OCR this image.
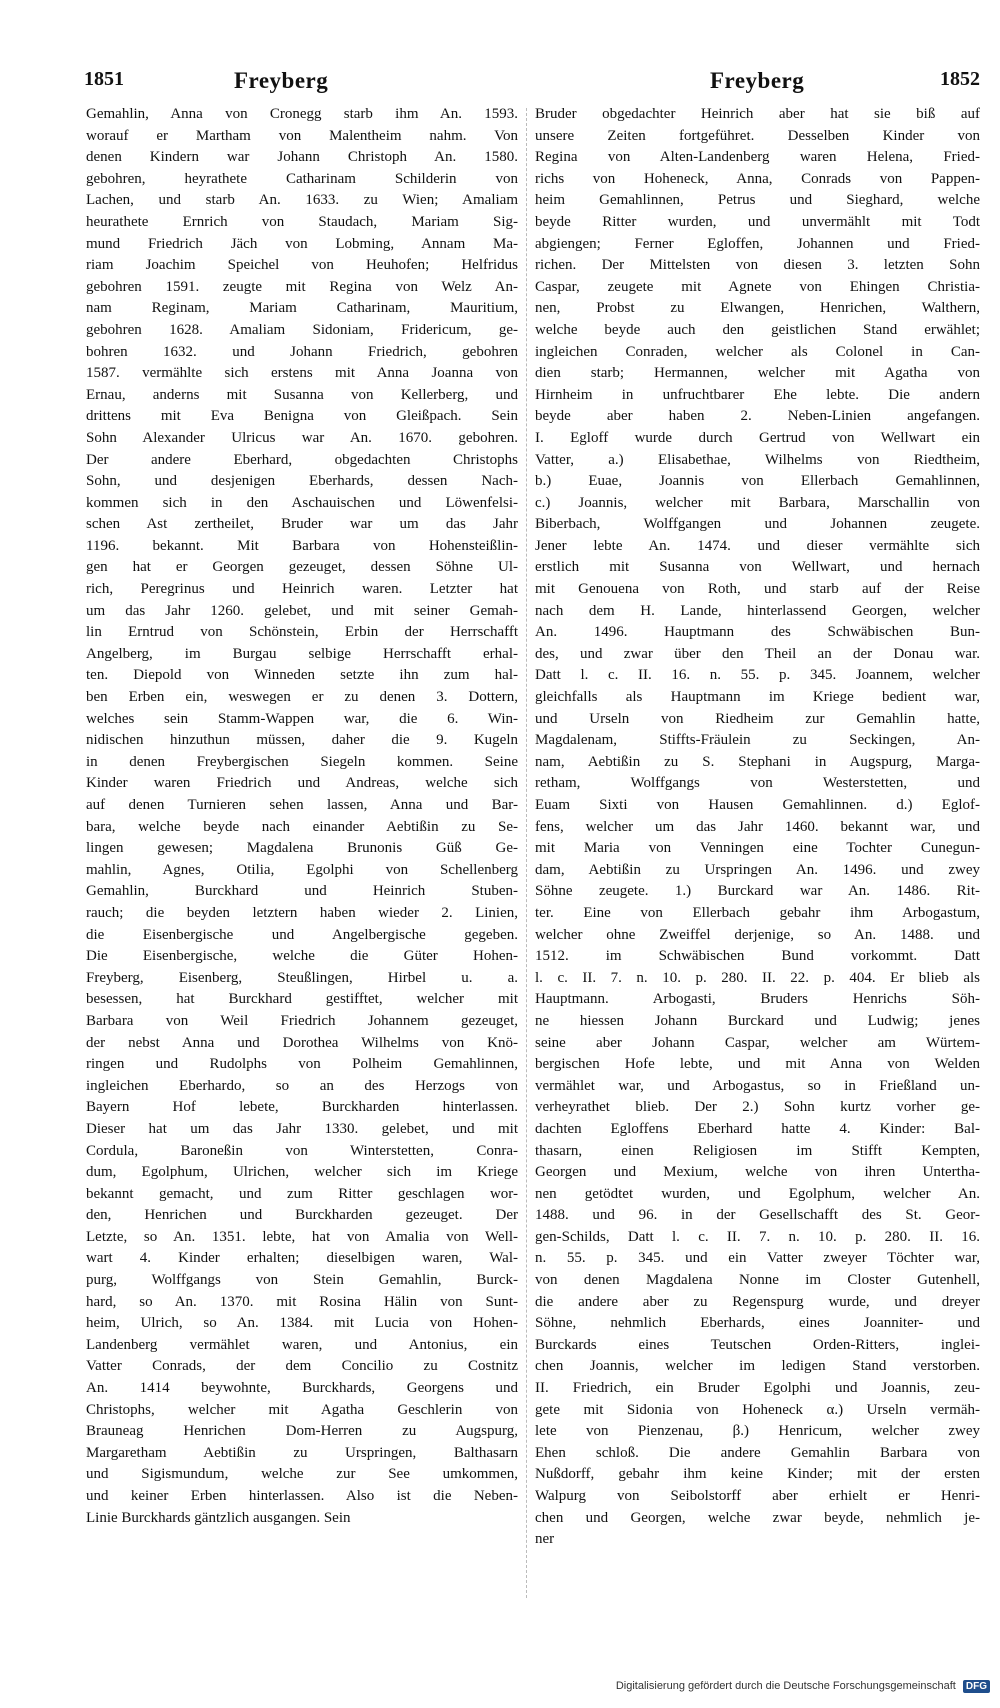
1851	Freyberg	Freyberg	1852
Gemahlin, Anna von Cronegg starb ihm An. 1593.
worauf er Martham von Malentheim nahm. Von
denen Kindern war Johann Christoph An. 1580.
gebohren, heyrathete Catharinam Schilderin von
Lachen, und starb An. 1633. zu Wien; Amaliam
heurathete Ernrich von Staudach, Mariam Sig-
mund Friedrich Jäch von Lobming, Annam Ma-
riam Joachim Speichel von Heuhofen; Helfridus
gebohren 1591. zeugte mit Regina von Welz An-
nam Reginam, Mariam Catharinam, Mauritium,
gebohren 1628. Amaliam Sidoniam, Fridericum, ge-
bohren 1632. und Johann Friedrich, gebohren
1587. vermählte sich erstens mit Anna Joanna von
Ernau, anderns mit Susanna von Kellerberg, und
drittens mit Eva Benigna von Gleißpach. Sein
Sohn Alexander Ulricus war An. 1670. gebohren.
Der andere Eberhard, obgedachten Christophs
Sohn, und desjenigen Eberhards, dessen Nach-
kommen sich in den Aschauischen und Löwenfelsi-
schen Ast zertheilet, Bruder war um das Jahr
1196. bekannt. Mit Barbara von Hohensteißlin-
gen hat er Georgen gezeuget, dessen Söhne Ul-
rich, Peregrinus und Heinrich waren. Letzter hat
um das Jahr 1260. gelebet, und mit seiner Gemah-
lin Erntrud von Schönstein, Erbin der Herrschafft
Angelberg, im Burgau selbige Herrschafft erhal-
ten. Diepold von Winneden setzte ihn zum hal-
ben Erben ein, weswegen er zu denen 3. Dottern,
welches sein Stamm-Wappen war, die 6. Win-
nidischen hinzuthun müssen, daher die 9. Kugeln
in denen Freybergischen Siegeln kommen. Seine
Kinder waren Friedrich und Andreas, welche sich
auf denen Turnieren sehen lassen, Anna und Bar-
bara, welche beyde nach einander Aebtißin zu Se-
lingen gewesen; Magdalena Brunonis Güß Ge-
mahlin, Agnes, Otilia, Egolphi von Schellenberg
Gemahlin, Burckhard und Heinrich Stuben-
rauch; die beyden letztern haben wieder 2. Linien,
die Eisenbergische und Angelbergische gegeben.
Die Eisenbergische, welche die Güter Hohen-
Freyberg, Eisenberg, Steußlingen, Hirbel u. a.
besessen, hat Burckhard gestifftet, welcher mit
Barbara von Weil Friedrich Johannem gezeuget,
der nebst Anna und Dorothea Wilhelms von Knö-
ringen und Rudolphs von Polheim Gemahlinnen,
ingleichen Eberhardo, so an des Herzogs von
Bayern Hof lebete, Burckharden hinterlassen.
Dieser hat um das Jahr 1330. gelebet, und mit
Cordula, Baroneßin von Winterstetten, Conra-
dum, Egolphum, Ulrichen, welcher sich im Kriege
bekannt gemacht, und zum Ritter geschlagen wor-
den, Henrichen und Burckharden gezeuget. Der
Letzte, so An. 1351. lebte, hat von Amalia von Well-
wart 4. Kinder erhalten; dieselbigen waren, Wal-
purg, Wolffgangs von Stein Gemahlin, Burck-
hard, so An. 1370. mit Rosina Hälin von Sunt-
heim, Ulrich, so An. 1384. mit Lucia von Hohen-
Landenberg vermählet waren, und Antonius, ein
Vatter Conrads, der dem Concilio zu Costnitz
An. 1414 beywohnte, Burckhards, Georgens und
Christophs, welcher mit Agatha Geschlerin von
Brauneag Henrichen Dom-Herren zu Augspurg,
Margaretham Aebtißin zu Urspringen, Balthasarn
und Sigismundum, welche zur See umkommen,
und keiner Erben hinterlassen. Also ist die Neben-
Linie Burckhards gäntzlich ausgangen. Sein
Bruder obgedachter Heinrich aber hat sie biß auf
unsere Zeiten fortgeführet. Desselben Kinder von
Regina von Alten-Landenberg waren Helena, Fried-
richs von Hoheneck, Anna, Conrads von Pappen-
heim Gemahlinnen, Petrus und Sieghard, welche
beyde Ritter wurden, und unvermählt mit Todt
abgiengen; Ferner Egloffen, Johannen und Fried-
richen. Der Mittelsten von diesen 3. letzten Sohn
Caspar, zeugete mit Agnete von Ehingen Christia-
nen, Probst zu Elwangen, Henrichen, Walthern,
welche beyde auch den geistlichen Stand erwählet;
ingleichen Conraden, welcher als Colonel in Can-
dien starb; Hermannen, welcher mit Agatha von
Hirnheim in unfruchtbarer Ehe lebte. Die andern
beyde aber haben 2. Neben-Linien angefangen.
I. Egloff wurde durch Gertrud von Wellwart ein
Vatter, a.) Elisabethae, Wilhelms von Riedtheim,
b.) Euae, Joannis von Ellerbach Gemahlinnen,
c.) Joannis, welcher mit Barbara, Marschallin von
Biberbach, Wolffgangen und Johannen zeugete.
Jener lebte An. 1474. und dieser vermählte sich
erstlich mit Susanna von Wellwart, und hernach
mit Genouena von Roth, und starb auf der Reise
nach dem H. Lande, hinterlassend Georgen, welcher
An. 1496. Hauptmann des Schwäbischen Bun-
des, und zwar über den Theil an der Donau war.
Datt l. c. II. 16. n. 55. p. 345. Joannem, welcher
gleichfalls als Hauptmann im Kriege bedient war,
und Urseln von Riedheim zur Gemahlin hatte,
Magdalenam, Stiffts-Fräulein zu Seckingen, An-
nam, Aebtißin zu S. Stephani in Augspurg, Marga-
retham, Wolffgangs von Westerstetten, und
Euam Sixti von Hausen Gemahlinnen. d.) Eglof-
fens, welcher um das Jahr 1460. bekannt war, und
mit Maria von Venningen eine Tochter Cunegun-
dam, Aebtißin zu Urspringen An. 1496. und zwey
Söhne zeugete. 1.) Burckard war An. 1486. Rit-
ter. Eine von Ellerbach gebahr ihm Arbogastum,
welcher ohne Zweiffel derjenige, so An. 1488. und
1512. im Schwäbischen Bund vorkommt. Datt
l. c. II. 7. n. 10. p. 280. II. 22. p. 404. Er blieb als
Hauptmann. Arbogasti, Bruders Henrichs Söh-
ne hiessen Johann Burckard und Ludwig; jenes
seine aber Johann Caspar, welcher am Würtem-
bergischen Hofe lebte, und mit Anna von Welden
vermählet war, und Arbogastus, so in Frießland un-
verheyrathet blieb. Der 2.) Sohn kurtz vorher ge-
dachten Egloffens Eberhard hatte 4. Kinder: Bal-
thasarn, einen Religiosen im Stifft Kempten,
Georgen und Mexium, welche von ihren Untertha-
nen getödtet wurden, und Egolphum, welcher An.
1488. und 96. in der Gesellschafft des St. Geor-
gen-Schilds, Datt l. c. II. 7. n. 10. p. 280. II. 16.
n. 55. p. 345. und ein Vatter zweyer Töchter war,
von denen Magdalena Nonne im Closter Gutenhell,
die andere aber zu Regenspurg wurde, und dreyer
Söhne, nehmlich Eberhards, eines Joanniter- und
Burckards eines Teutschen Orden-Ritters, inglei-
chen Joannis, welcher im ledigen Stand verstorben.
II. Friedrich, ein Bruder Egolphi und Joannis, zeu-
gete mit Sidonia von Hoheneck α.) Urseln vermäh-
lete von Pienzenau, β.) Henricum, welcher zwey
Ehen schloß. Die andere Gemahlin Barbara von
Nußdorff, gebahr ihm keine Kinder; mit der ersten
Walpurg von Seibolstorff aber erhielt er Henri-
chen und Georgen, welche zwar beyde, nehmlich je-
ner
Digitalisierung gefördert durch die Deutsche Forschungsgemeinschaft DFG
